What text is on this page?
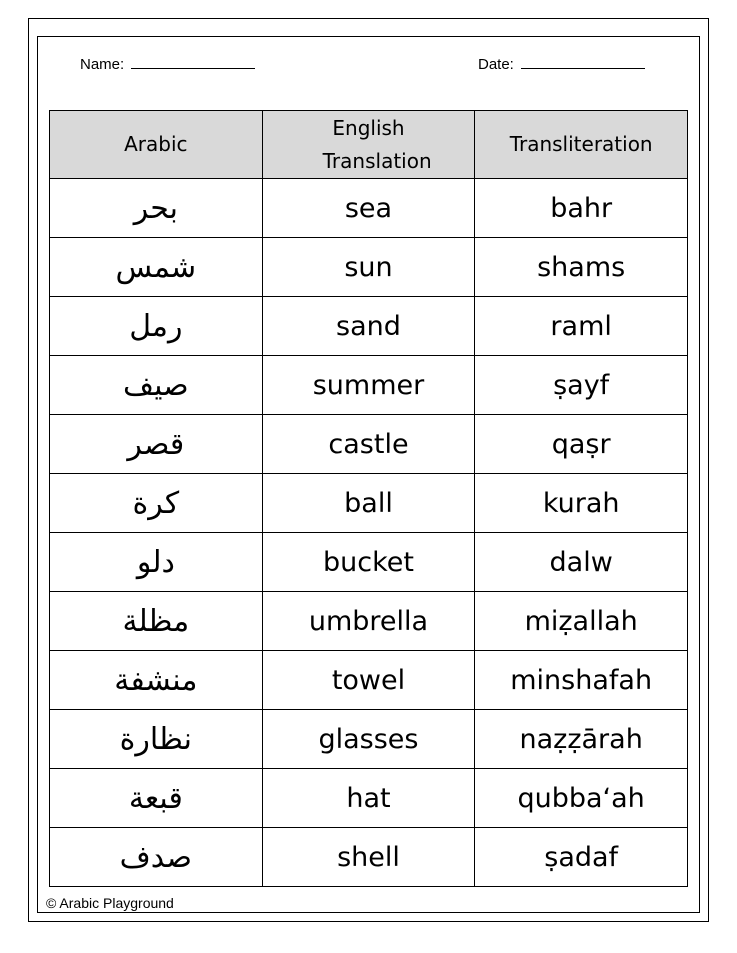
Name:	Date:
Arabic	English Translation	Transliteration
بحر	sea	bahr
شمس	sun	shams
رمل	sand	raml
صيف	summer	ṣayf
قصر	castle	qaṣr
كرة	ball	kurah
دلو	bucket	dalw
مظلة	umbrella	miẓallah
منشفة	towel	minshafah
نظارة	glasses	naẓẓārah
قبعة	hat	qubbaʻah
صدف	shell	ṣadaf
© Arabic Playground
